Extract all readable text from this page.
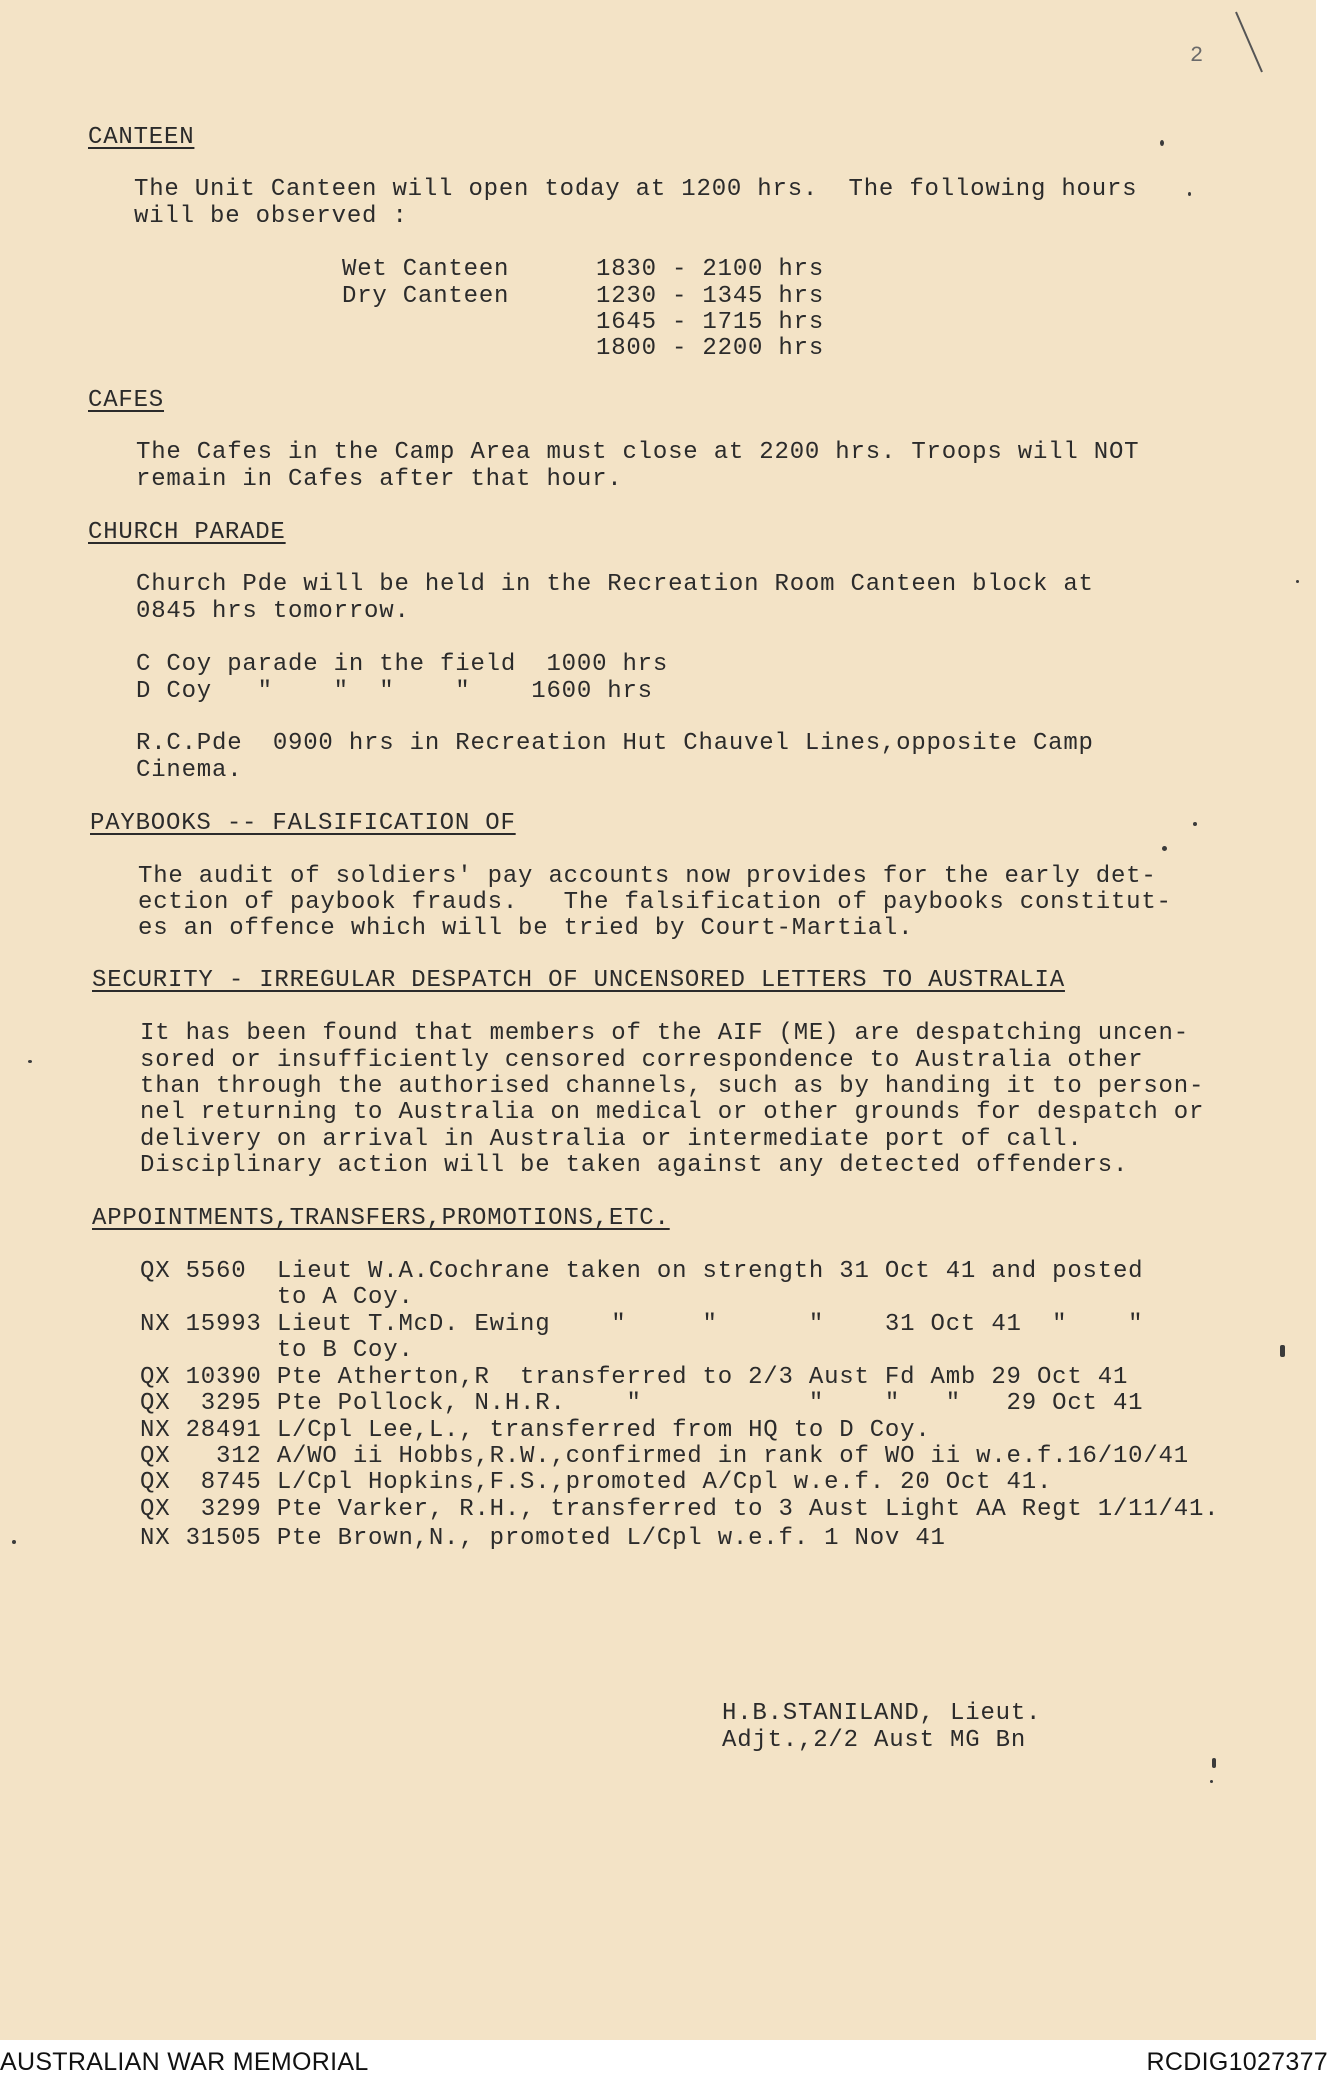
2
CANTEEN
The Unit Canteen will open today at 1200 hrs.  The following hours
will be observed :
Wet Canteen
Dry Canteen
1830 - 2100 hrs
1230 - 1345 hrs
1645 - 1715 hrs
1800 - 2200 hrs
CAFES
The Cafes in the Camp Area must close at 2200 hrs. Troops will NOT
remain in Cafes after that hour.
CHURCH PARADE
Church Pde will be held in the Recreation Room Canteen block at
0845 hrs tomorrow.
C Coy parade in the field  1000 hrs
D Coy   "    "  "    "    1600 hrs
R.C.Pde  0900 hrs in Recreation Hut Chauvel Lines,opposite Camp
Cinema.
PAYBOOKS -- FALSIFICATION OF
The audit of soldiers' pay accounts now provides for the early det-
ection of paybook frauds.   The falsification of paybooks constitut-
es an offence which will be tried by Court-Martial.
SECURITY - IRREGULAR DESPATCH OF UNCENSORED LETTERS TO AUSTRALIA
It has been found that members of the AIF (ME) are despatching uncen-
sored or insufficiently censored correspondence to Australia other
than through the authorised channels, such as by handing it to person-
nel returning to Australia on medical or other grounds for despatch or
delivery on arrival in Australia or intermediate port of call.
Disciplinary action will be taken against any detected offenders.
APPOINTMENTS,TRANSFERS,PROMOTIONS,ETC.
QX 5560  Lieut W.A.Cochrane taken on strength 31 Oct 41 and posted
to A Coy.
NX 15993 Lieut T.McD. Ewing    "     "      "    31 Oct 41  "    "
to B Coy.
QX 10390 Pte Atherton,R  transferred to 2/3 Aust Fd Amb 29 Oct 41
QX  3295 Pte Pollock, N.H.R.    "           "    "   "   29 Oct 41
NX 28491 L/Cpl Lee,L., transferred from HQ to D Coy.
QX   312 A/WO ii Hobbs,R.W.,confirmed in rank of WO ii w.e.f.16/10/41
QX  8745 L/Cpl Hopkins,F.S.,promoted A/Cpl w.e.f. 20 Oct 41.
QX  3299 Pte Varker, R.H., transferred to 3 Aust Light AA Regt 1/11/41.
NX 31505 Pte Brown,N., promoted L/Cpl w.e.f. 1 Nov 41
H.B.STANILAND, Lieut.
Adjt.,2/2 Aust MG Bn
AUSTRALIAN WAR MEMORIAL	RCDIG1027377
